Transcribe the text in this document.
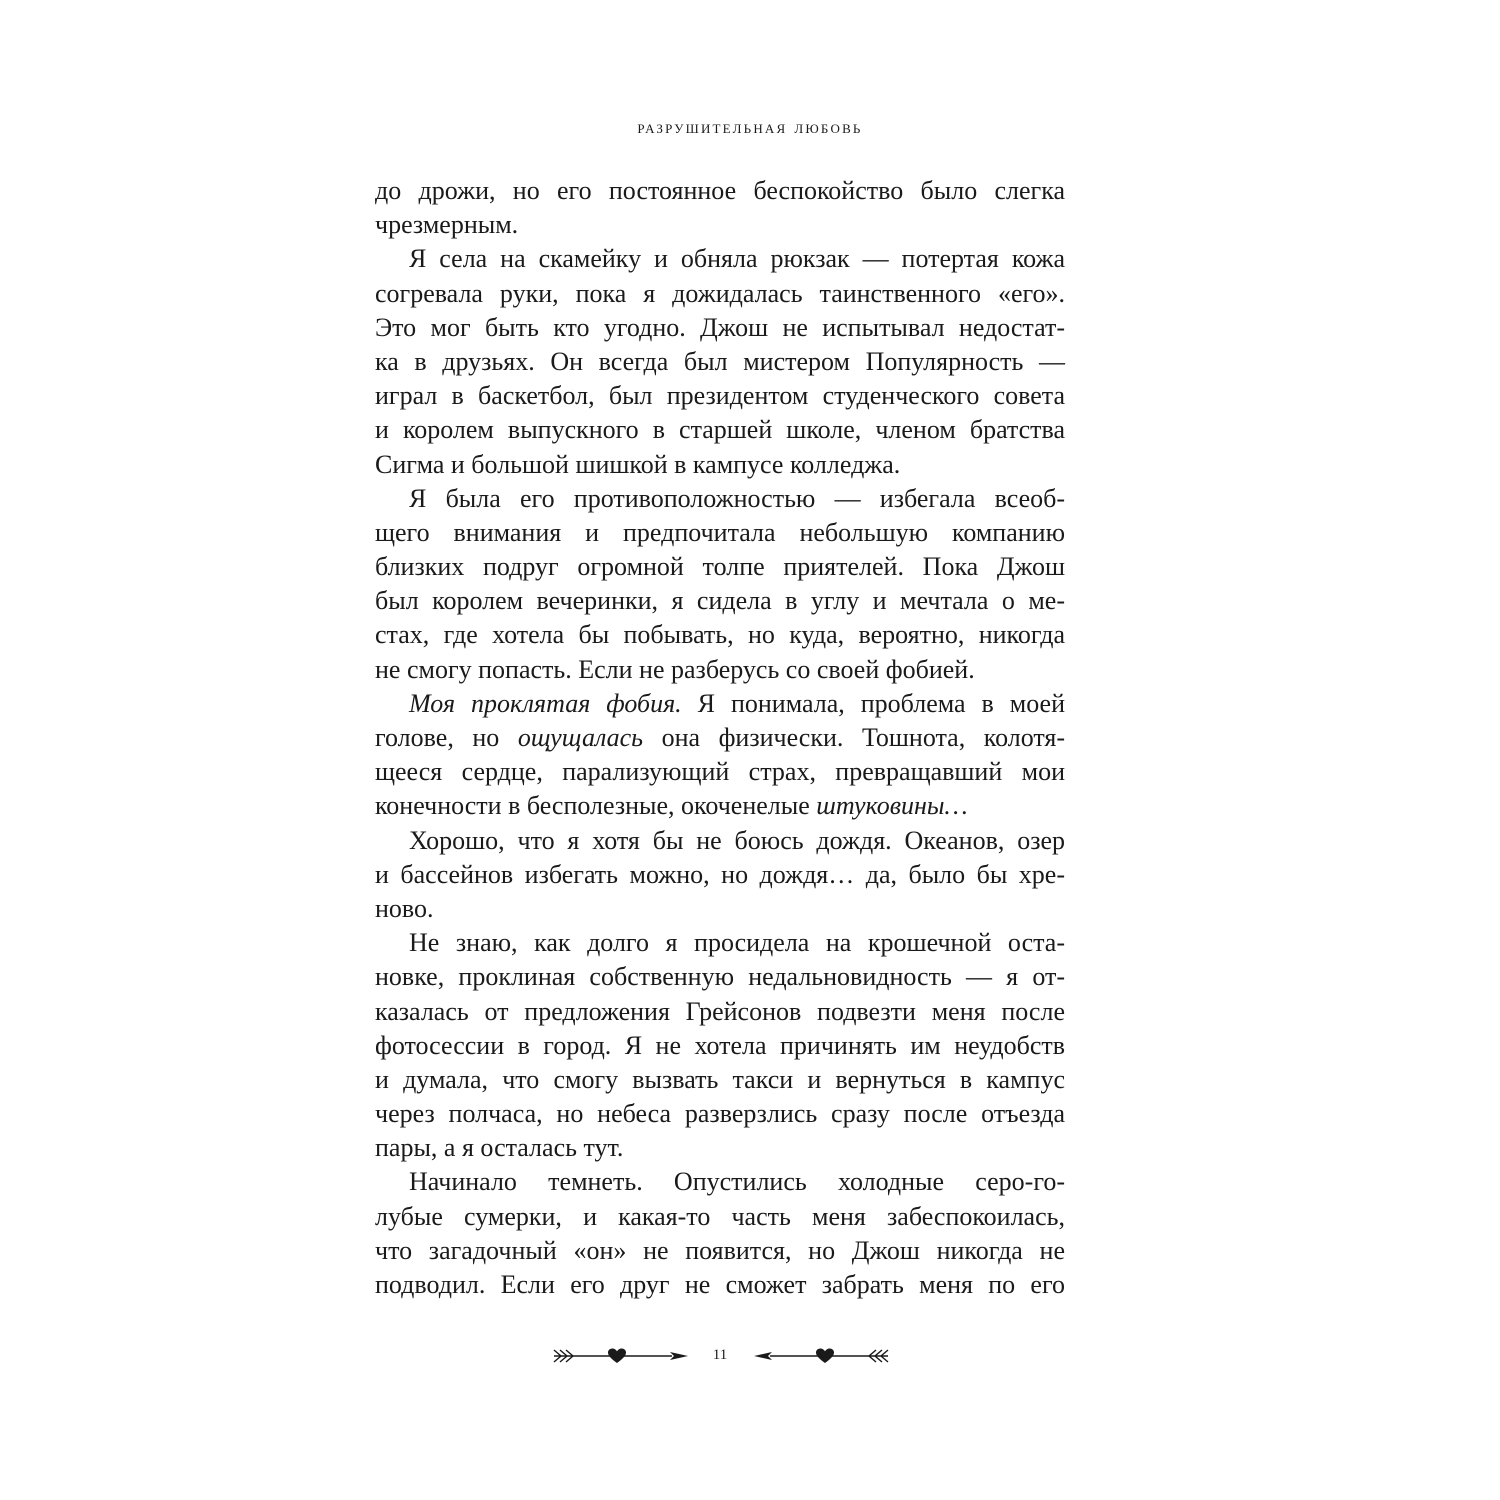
разрушительная любовь
до дрожи, но его постоянное беспокойство было слегка
чрезмерным.
Я села на скамейку и обняла рюкзак — потертая кожа
согревала руки, пока я дожидалась таинственного «его».
Это мог быть кто угодно. Джош не испытывал недостат-
ка в друзьях. Он всегда был мистером Популярность —
играл в баскетбол, был президентом студенческого совета
и королем выпускного в старшей школе, членом братства
Сигма и большой шишкой в кампусе колледжа.
Я была его противоположностью — избегала всеоб-
щего внимания и предпочитала небольшую компанию
близких подруг огромной толпе приятелей. Пока Джош
был королем вечеринки, я сидела в углу и мечтала о ме-
стах, где хотела бы побывать, но куда, вероятно, никогда
не смогу попасть. Если не разберусь со своей фобией.
Моя проклятая фобия. Я понимала, проблема в моей
голове, но ощущалась она физически. Тошнота, колотя-
щееся сердце, парализующий страх, превращавший мои
конечности в бесполезные, окоченелые штуковины…
Хорошо, что я хотя бы не боюсь дождя. Океанов, озер
и бассейнов избегать можно, но дождя… да, было бы хре-
ново.
Не знаю, как долго я просидела на крошечной оста-
новке, проклиная собственную недальновидность — я от-
казалась от предложения Грейсонов подвезти меня после
фотосессии в город. Я не хотела причинять им неудобств
и думала, что смогу вызвать такси и вернуться в кампус
через полчаса, но небеса разверзлись сразу после отъезда
пары, а я осталась тут.
Начинало темнеть. Опустились холодные серо-го-
лубые сумерки, и какая-то часть меня забеспокоилась,
что загадочный «он» не появится, но Джош никогда не
подводил. Если его друг не сможет забрать меня по его
11
